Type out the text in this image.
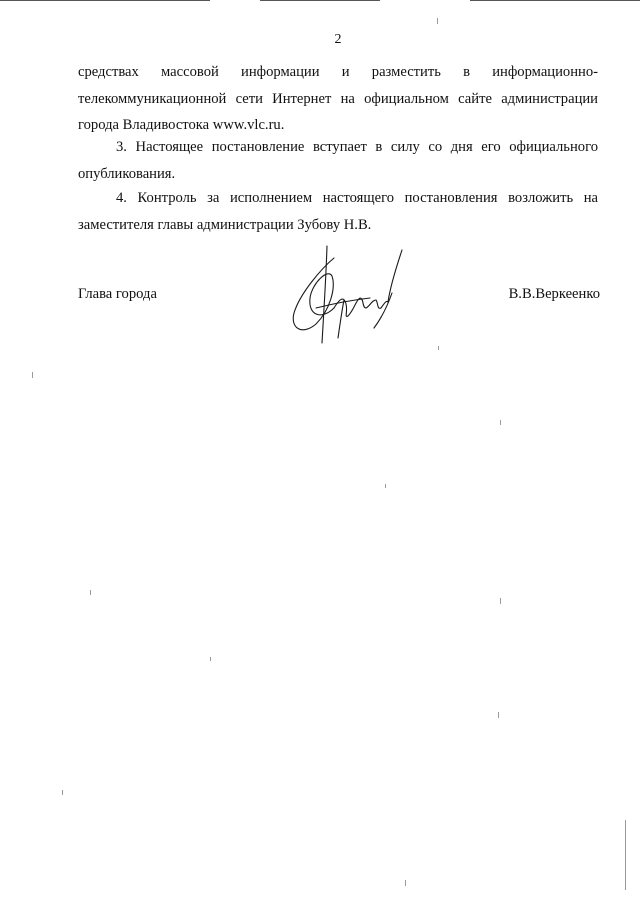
2

средствах массовой информации и разместить в информационно-
телекоммуникационной сети Интернет на официальном сайте администрации
города Владивостока www.vlc.ru.

3. Настоящее постановление вступает в силу со дня его официального
опубликования.

4. Контроль за исполнением настоящего постановления возложить на
заместителя главы администрации Зубову Н.В.

Глава города	В.В.Веркеенко
